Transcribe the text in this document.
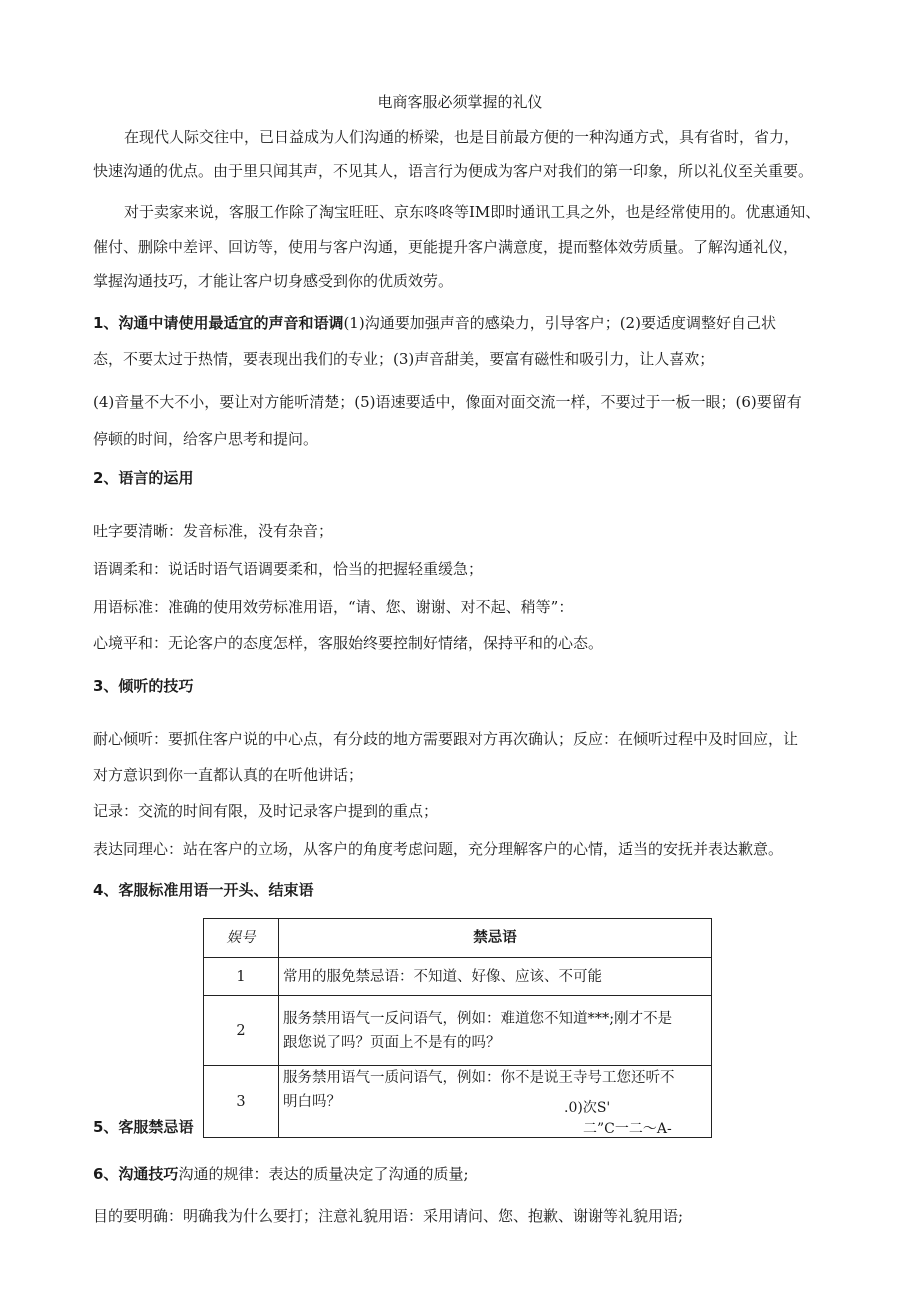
电商客服必须掌握的礼仪
在现代人际交往中，已日益成为人们沟通的桥梁，也是目前最方便的一种沟通方式，具有省时，省力，
快速沟通的优点。由于里只闻其声，不见其人，语言行为便成为客户对我们的第一印象，所以礼仪至关重要。
对于卖家来说，客服工作除了淘宝旺旺、京东咚咚等IM即时通讯工具之外，也是经常使用的。优惠通知、
催付、删除中差评、回访等，使用与客户沟通，更能提升客户满意度，提而整体效劳质量。了解沟通礼仪，
掌握沟通技巧，才能让客户切身感受到你的优质效劳。
1、沟通中请使用最适宜的声音和语调(1)沟通要加强声音的感染力，引导客户；(2)要适度调整好自己状
态，不要太过于热情，要表现出我们的专业；(3)声音甜美，要富有磁性和吸引力，让人喜欢；
(4)音量不大不小，要让对方能听清楚；(5)语速要适中，像面对面交流一样，不要过于一板一眼；(6)要留有
停顿的时间，给客户思考和提问。
2、语言的运用
吐字要清晰：发音标准，没有杂音；
语调柔和：说话时语气语调要柔和，恰当的把握轻重缓急；
用语标准：准确的使用效劳标准用语，“请、您、谢谢、对不起、稍等”：
心境平和：无论客户的态度怎样，客服始终要控制好情绪，保持平和的心态。
3、倾听的技巧
耐心倾听：要抓住客户说的中心点，有分歧的地方需要跟对方再次确认；反应：在倾听过程中及时回应，让
对方意识到你一直都认真的在听他讲话；
记录：交流的时间有限，及时记录客户提到的重点；
表达同理心：站在客户的立场，从客户的角度考虑问题，充分理解客户的心情，适当的安抚并表达歉意。
4、客服标准用语一开头、结束语
娱号	禁忌语
1	常用的服免禁忌语：不知道、好像、应该、不可能
2	服务禁用语气一反问语气，例如：难道您不知道***;刚才不是
跟您说了吗？页面上不是有的吗？

3	服务禁用语气一质问语气，例如：你不是说王寺号工您还听不
明白吗？	.0)次S'
二”C一二～A-
5、客服禁忌语
6、沟通技巧沟通的规律：表达的质量决定了沟通的质量;
目的要明确：明确我为什么要打；注意礼貌用语：采用请问、您、抱歉、谢谢等礼貌用语;
